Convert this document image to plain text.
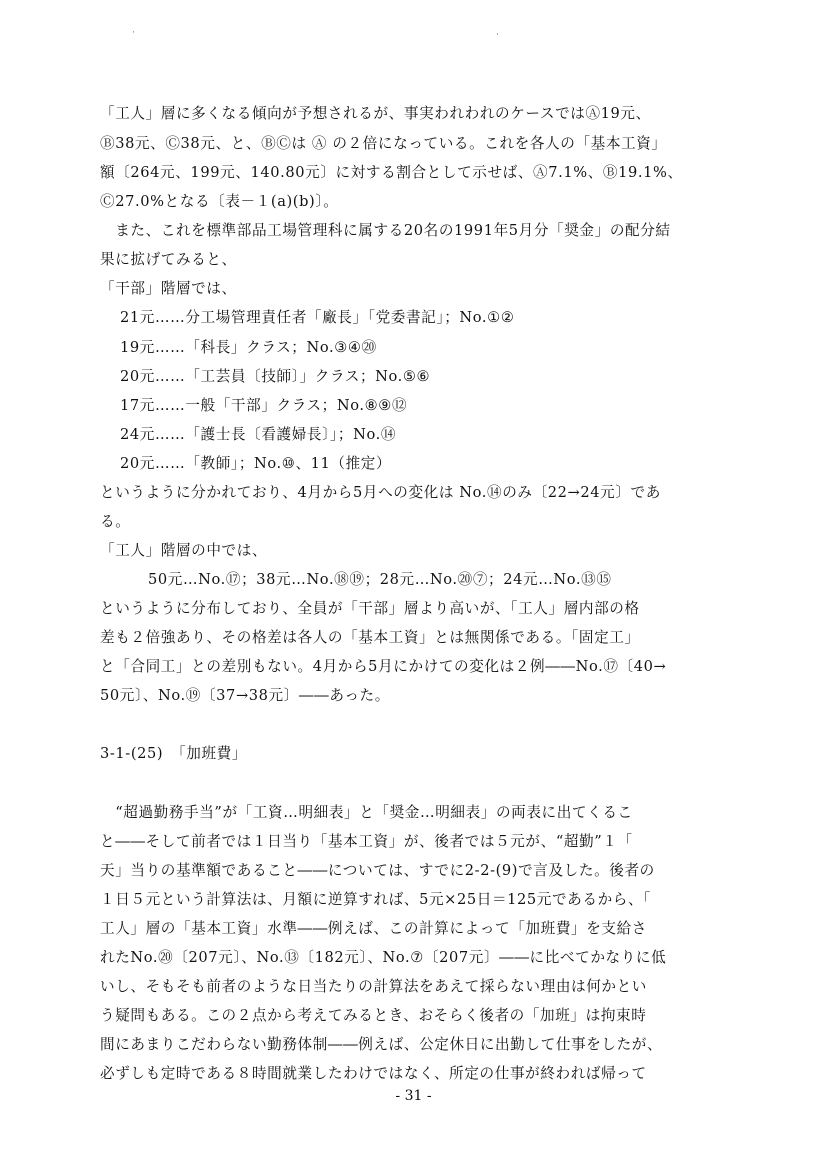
·	·
「工人」層に多くなる傾向が予想されるが、事実われわれのケースではⒶ19元、
Ⓑ38元、Ⓒ38元、と、ⒷⒸは Ⓐ の２倍になっている。これを各人の「基本工資」
額〔264元、199元、140.80元〕に対する割合として示せば、Ⓐ7.1%、Ⓑ19.1%、
Ⓒ27.0%となる〔表－１(a)(b)〕。
　また、これを標準部品工場管理科に属する20名の1991年5月分「奨金」の配分結
果に拡げてみると、
「干部」階層では、
21元……分工場管理責任者「廠長」「党委書記」；No.①②
19元……「科長」クラス；No.③④⑳
20元……「工芸員〔技師〕」クラス；No.⑤⑥
17元……一般「干部」クラス；No.⑧⑨⑫
24元……「護士長〔看護婦長〕」；No.⑭
20元……「教師」；No.⑩、11（推定）
というように分かれており、4月から5月への変化は No.⑭のみ〔22→24元〕であ
る。
「工人」階層の中では、
50元…No.⑰；38元…No.⑱⑲；28元…No.⑳⑦；24元…No.⑬⑮
というように分布しており、全員が「干部」層より高いが、「工人」層内部の格
差も２倍強あり、その格差は各人の「基本工資」とは無関係である。「固定工」
と「合同工」との差別もない。4月から5月にかけての変化は２例――No.⑰〔40→
50元〕、No.⑲〔37→38元〕――あった。
3-1-(25)　「加班費」
　“超過勤務手当”が「工資…明細表」と「奨金…明細表」の両表に出てくるこ
と――そして前者では１日当り「基本工資」が、後者では５元が、“超勤”１「
天」当りの基準額であること――については、すでに2-2-(9)で言及した。後者の
１日５元という計算法は、月額に逆算すれば、5元×25日＝125元であるから、「
工人」層の「基本工資」水準――例えば、この計算によって「加班費」を支給さ
れたNo.⑳〔207元〕、No.⑬〔182元〕、No.⑦〔207元〕――に比べてかなりに低
いし、そもそも前者のような日当たりの計算法をあえて採らない理由は何かとい
う疑問もある。この２点から考えてみるとき、おそらく後者の「加班」は拘束時
間にあまりこだわらない勤務体制――例えば、公定休日に出勤して仕事をしたが、
必ずしも定時である８時間就業したわけではなく、所定の仕事が終われば帰って
- 31 -
